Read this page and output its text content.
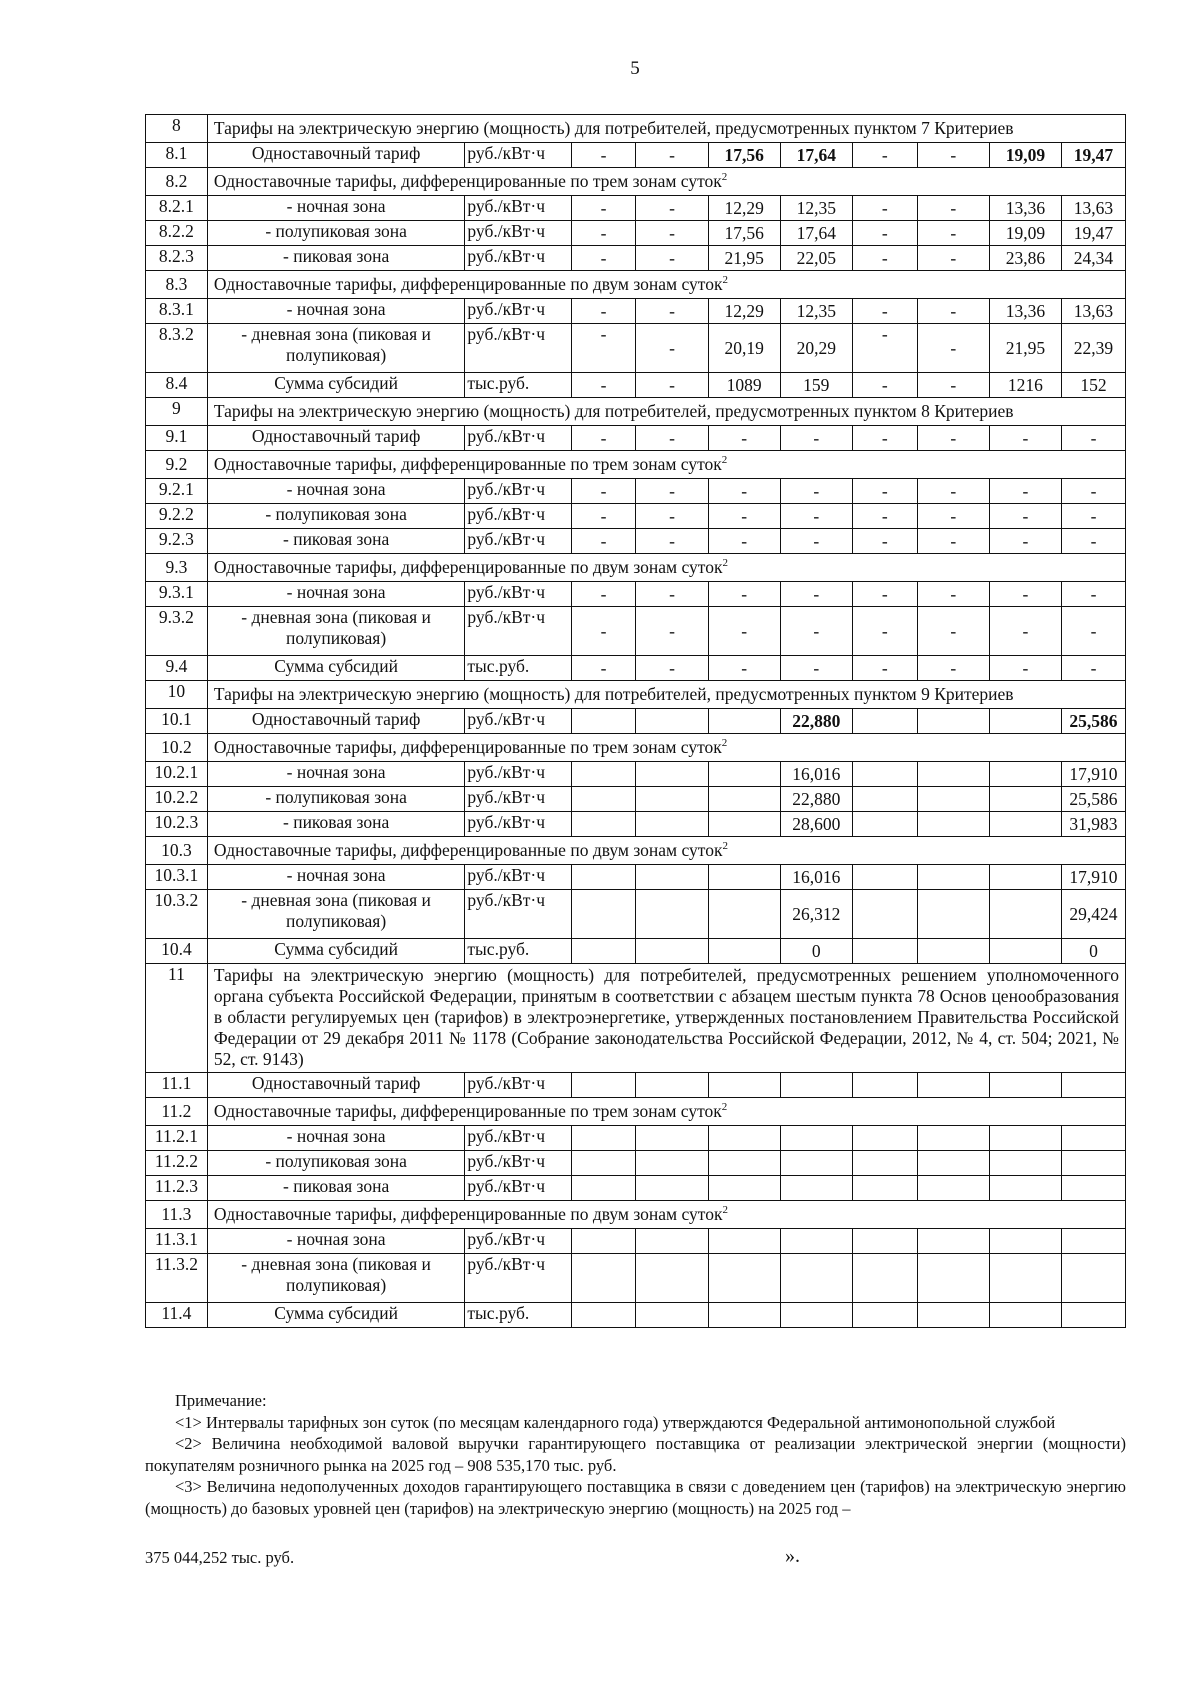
5
8	Тарифы на электрическую энергию (мощность) для потребителей, предусмотренных пунктом 7 Критериев									
8.1	Одноставочный тариф	руб./кВт·ч	-	-	17,56	17,64	-	-	19,09	19,47
8.2	Одноставочные тарифы, дифференцированные по трем зонам суток$^2$
8.2.1	- ночная зона	руб./кВт·ч	-	-	12,29	12,35	-	-	13,36	13,63
8.2.2	- полупиковая зона	руб./кВт·ч	-	-	17,56	17,64	-	-	19,09	19,47
8.2.3	- пиковая зона	руб./кВт·ч	-	-	21,95	22,05	-	-	23,86	24,34
8.3	Одноставочные тарифы, дифференцированные по двум зонам суток$^2$
8.3.1	- ночная зона	руб./кВт·ч	-	-	12,29	12,35	-	-	13,36	13,63
8.3.2	- дневная зона (пиковая и полупиковая)	руб./кВт·ч	-	-	20,19	20,29	-	-	21,95	22,39
8.4	Сумма субсидий	тыс.руб.	-	-	1089	159	-	-	1216	152
9	Тарифы на электрическую энергию (мощность) для потребителей, предусмотренных пунктом 8 Критериев									
9.1	Одноставочный тариф	руб./кВт·ч	-	-	-	-	-	-	-	-
9.2	Одноставочные тарифы, дифференцированные по трем зонам суток$^2$
9.2.1	- ночная зона	руб./кВт·ч	-	-	-	-	-	-	-	-
9.2.2	- полупиковая зона	руб./кВт·ч	-	-	-	-	-	-	-	-
9.2.3	- пиковая зона	руб./кВт·ч	-	-	-	-	-	-	-	-
9.3	Одноставочные тарифы, дифференцированные по двум зонам суток$^2$
9.3.1	- ночная зона	руб./кВт·ч	-	-	-	-	-	-	-	-
9.3.2	- дневная зона (пиковая и полупиковая)	руб./кВт·ч	-	-	-	-	-	-	-	-
9.4	Сумма субсидий	тыс.руб.	-	-	-	-	-	-	-	-
10	Тарифы на электрическую энергию (мощность) для потребителей, предусмотренных пунктом 9 Критериев									
10.1	Одноставочный тариф	руб./кВт·ч				22,880				25,586
10.2	Одноставочные тарифы, дифференцированные по трем зонам суток$^2$
10.2.1	- ночная зона	руб./кВт·ч				16,016				17,910
10.2.2	- полупиковая зона	руб./кВт·ч				22,880				25,586
10.2.3	- пиковая зона	руб./кВт·ч				28,600				31,983
10.3	Одноставочные тарифы, дифференцированные по двум зонам суток$^2$
10.3.1	- ночная зона	руб./кВт·ч				16,016				17,910
10.3.2	- дневная зона (пиковая и полупиковая)	руб./кВт·ч				26,312				29,424
10.4	Сумма субсидий	тыс.руб.				0				0
11	Тарифы на электрическую энергию (мощность) для потребителей, предусмотренных решением уполномоченного органа субъекта Российской Федерации, принятым в соответствии с абзацем шестым пункта 78 Основ ценообразования в области регулируемых цен (тарифов) в электроэнергетике, утвержденных постановлением Правительства Российской Федерации от 29 декабря 2011 № 1178 (Собрание законодательства Российской Федерации, 2012, № 4, ст. 504; 2021, № 52, ст. 9143)									
11.1	Одноставочный тариф	руб./кВт·ч								
11.2	Одноставочные тарифы, дифференцированные по трем зонам суток$^2$
11.2.1	- ночная зона	руб./кВт·ч								
11.2.2	- полупиковая зона	руб./кВт·ч								
11.2.3	- пиковая зона	руб./кВт·ч								
11.3	Одноставочные тарифы, дифференцированные по двум зонам суток$^2$
11.3.1	- ночная зона	руб./кВт·ч								
11.3.2	- дневная зона (пиковая и полупиковая)	руб./кВт·ч								
11.4	Сумма субсидий	тыс.руб.								

Примечание:

<1> Интервалы тарифных зон суток (по месяцам календарного года) утверждаются Федеральной антимонопольной службой

<2> Величина необходимой валовой выручки гарантирующего поставщика от реализации электрической энергии (мощности) покупателям розничного рынка на 2025 год – 908 535,170 тыс. руб.

<3> Величина недополученных доходов гарантирующего поставщика в связи с доведением цен (тарифов) на электрическую энергию (мощность) до базовых уровней цен (тарифов) на электрическую энергию (мощность) на 2025 год –

375 044,252 тыс. руб.	».
